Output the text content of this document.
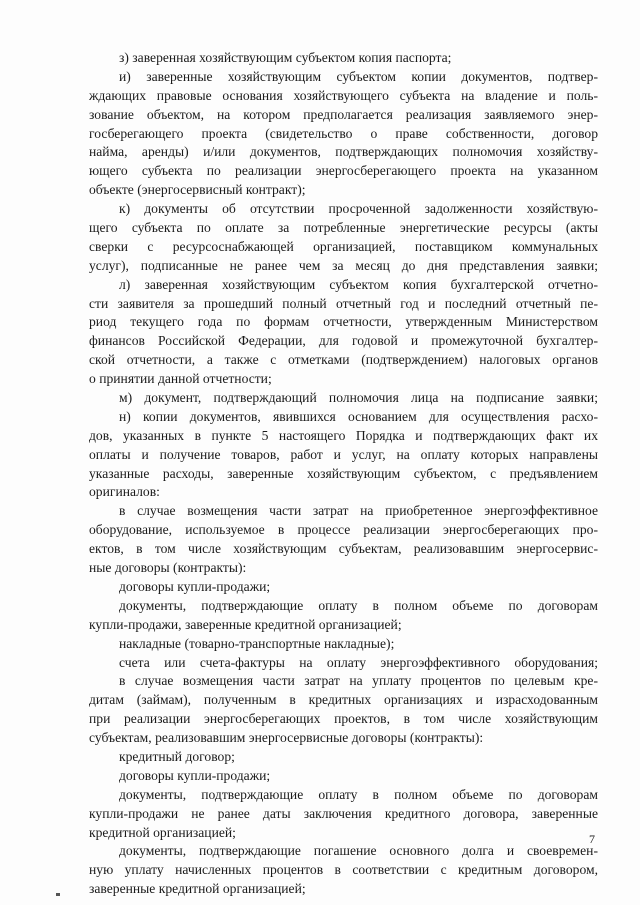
з) заверенная хозяйствующим субъектом копия паспорта;
и) заверенные хозяйствующим субъектом копии документов, подтвер-
ждающих правовые основания хозяйствующего субъекта на владение и поль-
зование объектом, на котором предполагается реализация заявляемого энер-
госберегающего проекта (свидетельство о праве собственности, договор
найма, аренды) и/или документов, подтверждающих полномочия хозяйству-
ющего субъекта по реализации энергосберегающего проекта на указанном
объекте (энергосервисный контракт);
к) документы об отсутствии просроченной задолженности хозяйствую-
щего субъекта по оплате за потребленные энергетические ресурсы (акты
сверки с ресурсоснабжающей организацией, поставщиком коммунальных
услуг), подписанные не ранее чем за месяц до дня представления заявки;
л) заверенная хозяйствующим субъектом копия бухгалтерской отчетно-
сти заявителя за прошедший полный отчетный год и последний отчетный пе-
риод текущего года по формам отчетности, утвержденным Министерством
финансов Российской Федерации, для годовой и промежуточной бухгалтер-
ской отчетности, а также с отметками (подтверждением) налоговых органов
о принятии данной отчетности;
м) документ, подтверждающий полномочия лица на подписание заявки;
н) копии документов, явившихся основанием для осуществления расхо-
дов, указанных в пункте 5 настоящего Порядка и подтверждающих факт их
оплаты и получение товаров, работ и услуг, на оплату которых направлены
указанные расходы, заверенные хозяйствующим субъектом, с предъявлением
оригиналов:
в случае возмещения части затрат на приобретенное энергоэффективное
оборудование, используемое в процессе реализации энергосберегающих про-
ектов, в том числе хозяйствующим субъектам, реализовавшим энергосервис-
ные договоры (контракты):
договоры купли-продажи;
документы, подтверждающие оплату в полном объеме по договорам
купли-продажи, заверенные кредитной организацией;
накладные (товарно-транспортные накладные);
счета или счета-фактуры на оплату энергоэффективного оборудования;
в случае возмещения части затрат на уплату процентов по целевым кре-
дитам (займам), полученным в кредитных организациях и израсходованным
при реализации энергосберегающих проектов, в том числе хозяйствующим
субъектам, реализовавшим энергосервисные договоры (контракты):
кредитный договор;
договоры купли-продажи;
документы, подтверждающие оплату в полном объеме по договорам
купли-продажи не ранее даты заключения кредитного договора, заверенные
кредитной организацией;
документы, подтверждающие погашение основного долга и своевремен-
ную уплату начисленных процентов в соответствии с кредитным договором,
заверенные кредитной организацией;
7
